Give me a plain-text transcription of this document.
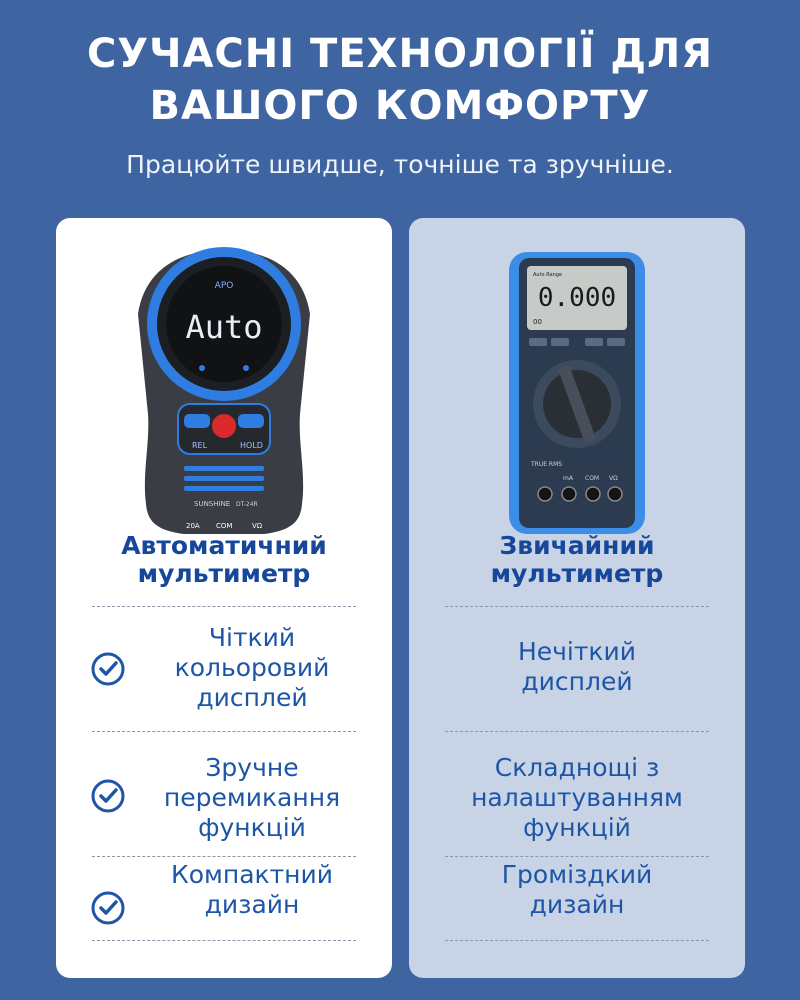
СУЧАСНІ ТЕХНОЛОГІЇ ДЛЯ
ВАШОГО КОМФОРТУ
Працюйте швидше, точніше та зручніше.
APO
Auto
REL	HOLD
SUNSHINE DT-24R
20A COM	VΩ
Автоматичний
мультиметр
Чіткий
кольоровий
дисплей
Зручне
перемикання
функцій
Компактний
дизайн
Auto Range
0.000
00
TRUE RMS
mA COM VΩ
Звичайний
мультиметр
Нечіткий
дисплей
Складнощі з
налаштуванням
функцій
Громіздкий
дизайн
